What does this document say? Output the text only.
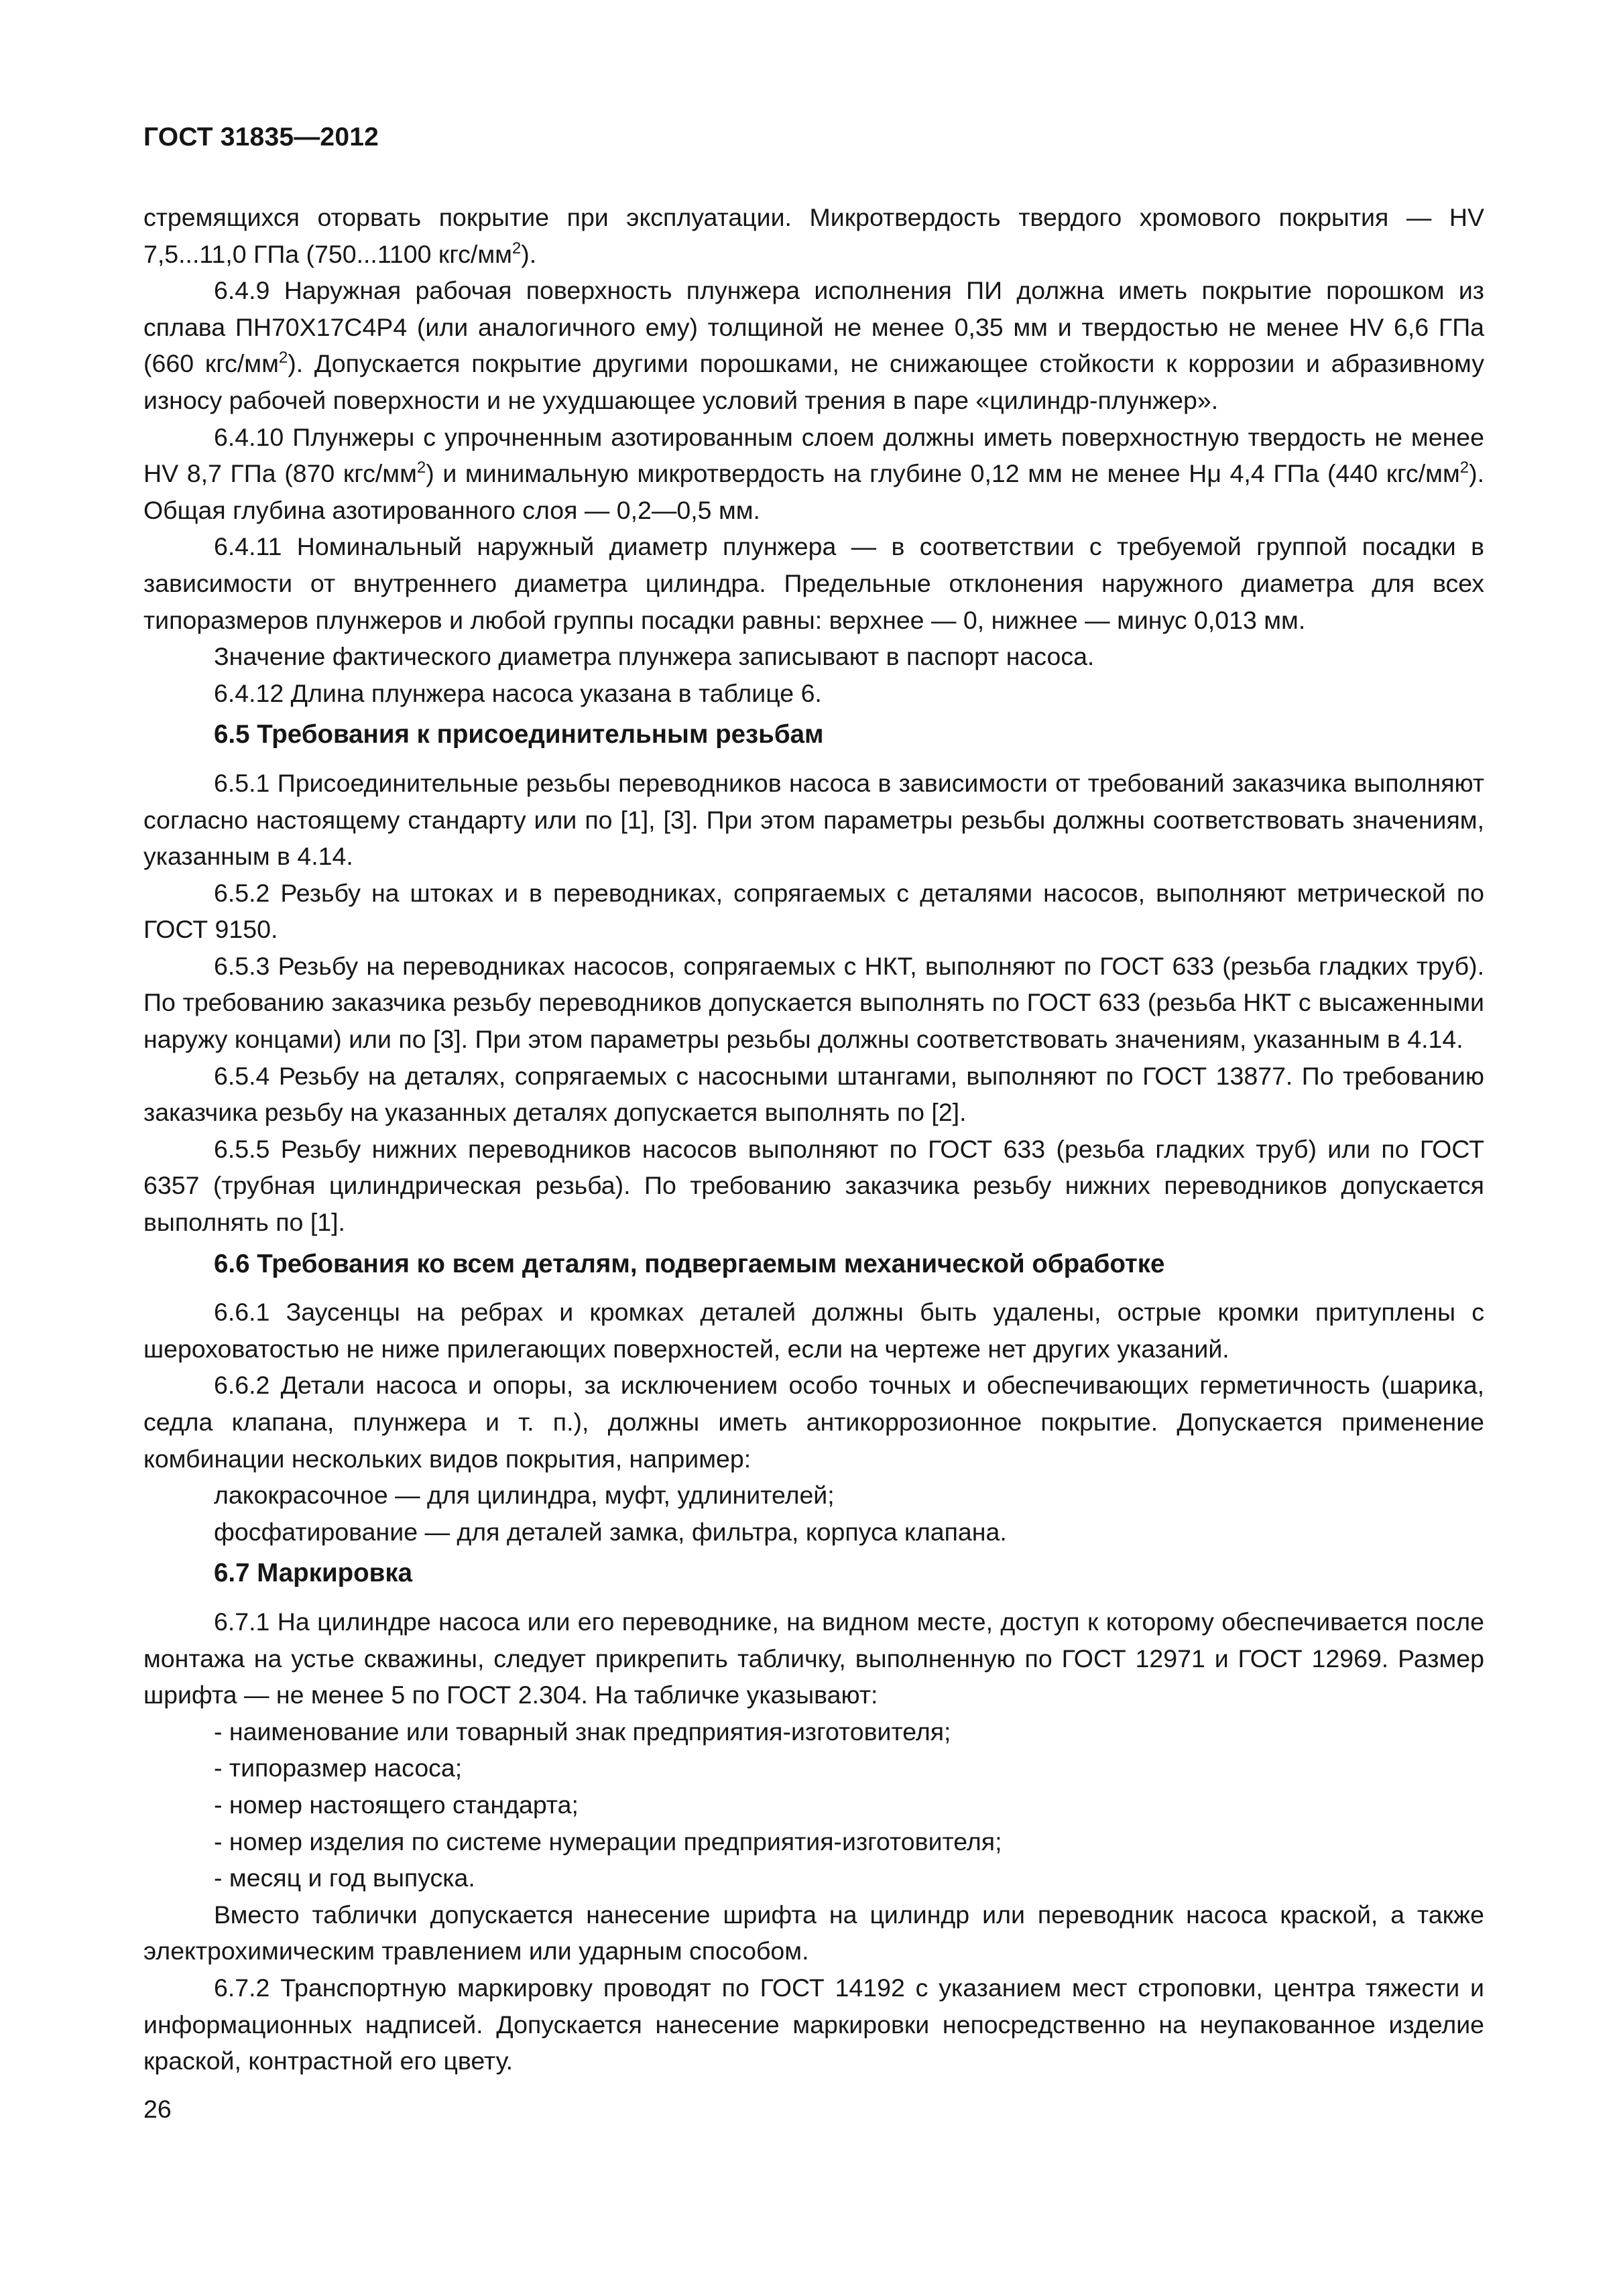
ГОСТ 31835—2012

стремящихся оторвать покрытие при эксплуатации. Микротвердость твердого хромового покрытия — HV 7,5...11,0 ГПа (750...1100 кгс/$мм^2$).

6.4.9 Наружная рабочая поверхность плунжера исполнения ПИ должна иметь покрытие порошком из сплава ПН70Х17С4Р4 (или аналогичного ему) толщиной не менее 0,35 мм и твердостью не менее HV 6,6 ГПа (660 кгс/$мм^2$). Допускается покрытие другими порошками, не снижающее стойкости к коррозии и абразивному износу рабочей поверхности и не ухудшающее условий трения в паре «цилиндр-плунжер».

6.4.10 Плунжеры с упрочненным азотированным слоем должны иметь поверхностную твердость не менее HV 8,7 ГПа (870 кгс/$мм^2$) и минимальную микротвердость на глубине 0,12 мм не менее Hμ 4,4 ГПа (440 кгс/$мм^2$). Общая глубина азотированного слоя — 0,2—0,5 мм.

6.4.11 Номинальный наружный диаметр плунжера — в соответствии с требуемой группой посадки в зависимости от внутреннего диаметра цилиндра. Предельные отклонения наружного диаметра для всех типоразмеров плунжеров и любой группы посадки равны: верхнее — 0, нижнее — минус 0,013 мм.

Значение фактического диаметра плунжера записывают в паспорт насоса.

6.4.12 Длина плунжера насоса указана в таблице 6.

6.5 Требования к присоединительным резьбам

6.5.1 Присоединительные резьбы переводников насоса в зависимости от требований заказчика выполняют согласно настоящему стандарту или по [1], [3]. При этом параметры резьбы должны соответствовать значениям, указанным в 4.14.

6.5.2 Резьбу на штоках и в переводниках, сопрягаемых с деталями насосов, выполняют метрической по ГОСТ 9150.

6.5.3 Резьбу на переводниках насосов, сопрягаемых с НКТ, выполняют по ГОСТ 633 (резьба гладких труб). По требованию заказчика резьбу переводников допускается выполнять по ГОСТ 633 (резьба НКТ с высаженными наружу концами) или по [3]. При этом параметры резьбы должны соответствовать значениям, указанным в 4.14.

6.5.4 Резьбу на деталях, сопрягаемых с насосными штангами, выполняют по ГОСТ 13877. По требованию заказчика резьбу на указанных деталях допускается выполнять по [2].

6.5.5 Резьбу нижних переводников насосов выполняют по ГОСТ 633 (резьба гладких труб) или по ГОСТ 6357 (трубная цилиндрическая резьба). По требованию заказчика резьбу нижних переводников допускается выполнять по [1].

6.6 Требования ко всем деталям, подвергаемым механической обработке

6.6.1 Заусенцы на ребрах и кромках деталей должны быть удалены, острые кромки притуплены с шероховатостью не ниже прилегающих поверхностей, если на чертеже нет других указаний.

6.6.2 Детали насоса и опоры, за исключением особо точных и обеспечивающих герметичность (шарика, седла клапана, плунжера и т. п.), должны иметь антикоррозионное покрытие. Допускается применение комбинации нескольких видов покрытия, например:

лакокрасочное — для цилиндра, муфт, удлинителей;

фосфатирование — для деталей замка, фильтра, корпуса клапана.

6.7 Маркировка

6.7.1 На цилиндре насоса или его переводнике, на видном месте, доступ к которому обеспечивается после монтажа на устье скважины, следует прикрепить табличку, выполненную по ГОСТ 12971 и ГОСТ 12969. Размер шрифта — не менее 5 по ГОСТ 2.304. На табличке указывают:

- наименование или товарный знак предприятия-изготовителя;

- типоразмер насоса;

- номер настоящего стандарта;

- номер изделия по системе нумерации предприятия-изготовителя;

- месяц и год выпуска.

Вместо таблички допускается нанесение шрифта на цилиндр или переводник насоса краской, а также электрохимическим травлением или ударным способом.

6.7.2 Транспортную маркировку проводят по ГОСТ 14192 с указанием мест строповки, центра тяжести и информационных надписей. Допускается нанесение маркировки непосредственно на неупакованное изделие краской, контрастной его цвету.

26
